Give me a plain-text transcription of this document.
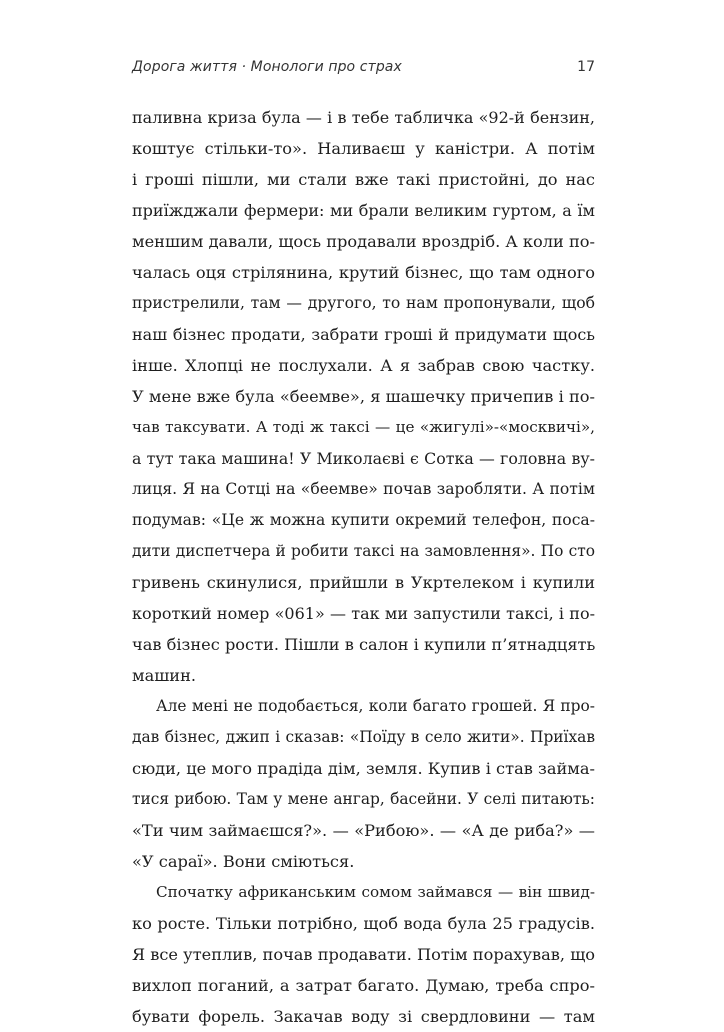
Дорога життя · Монологи про страх	17
паливна криза була — і в тебе табличка «92-й бензин,
коштує стільки-то». Наливаєш у каністри. А потім
і гроші пішли, ми стали вже такі пристойні, до нас
приїжджали фермери: ми брали великим гуртом, а їм
меншим давали, щось продавали вроздріб. А коли по-
чалась оця стрілянина, крутий бізнес, що там одного
пристрелили, там — другого, то нам пропонували, щоб
наш бізнес продати, забрати гроші й придумати щось
інше. Хлопці не послухали. А я забрав свою частку.
У мене вже була «беемве», я шашечку причепив і по-
чав таксувати. А тоді ж таксі — це «жигулі»-«москвичі»,
а тут така машина! У Миколаєві є Сотка — головна ву-
лиця. Я на Сотці на «беемве» почав заробляти. А потім
подумав: «Це ж можна купити окремий телефон, поса-
дити диспетчера й робити таксі на замовлення». По сто
гривень скинулися, прийшли в Укртелеком і купили
короткий номер «061» — так ми запустили таксі, і по-
чав бізнес рости. Пішли в салон і купили п’ятнадцять
машин.
Але мені не подобається, коли багато грошей. Я про-
дав бізнес, джип і сказав: «Поїду в село жити». Приїхав
сюди, це мого прадіда дім, земля. Купив і став займа-
тися рибою. Там у мене ангар, басейни. У селі питають:
«Ти чим займаєшся?». — «Рибою». — «А де риба?» —
«У сараї». Вони сміються.
Спочатку африканським сомом займався — він швид-
ко росте. Тільки потрібно, щоб вода була 25 градусів.
Я все утеплив, почав продавати. Потім порахував, що
вихлоп поганий, а затрат багато. Думаю, треба спро-
бувати форель. Закачав воду зі свердловини — там
